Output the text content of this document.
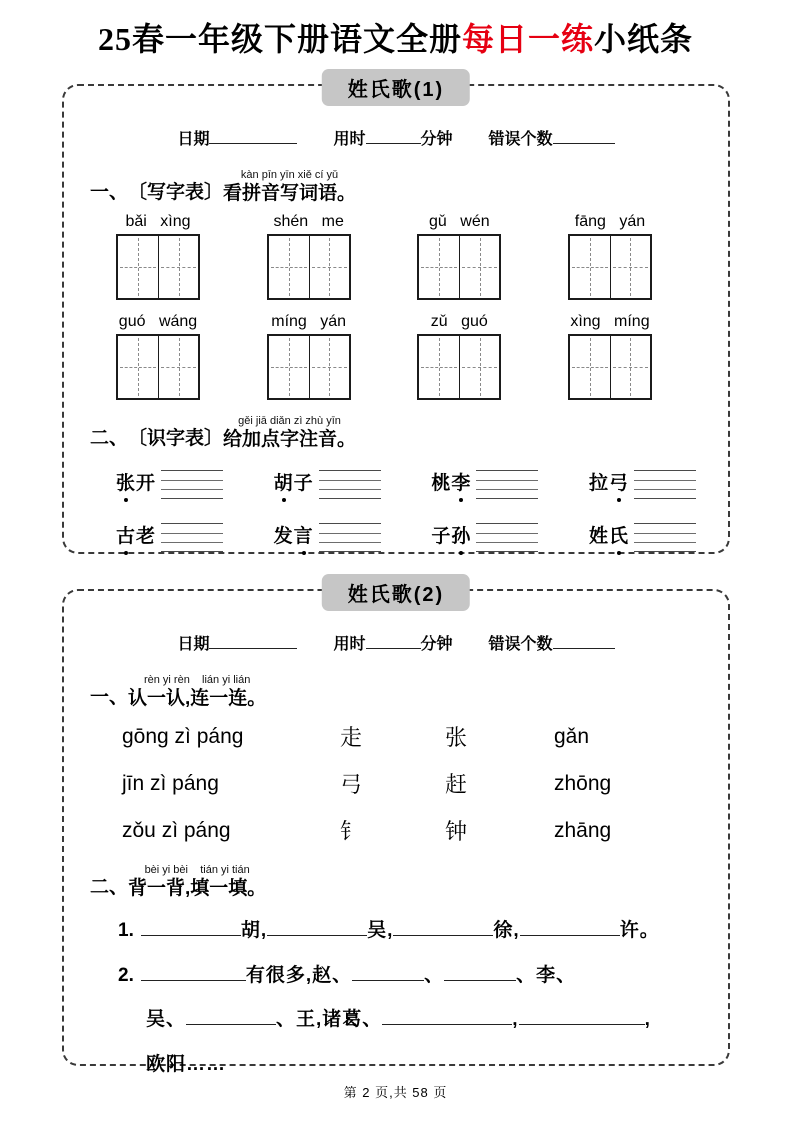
25春一年级下册语文全册每日一练小纸条
姓氏歌(1)
日期	用时	分钟 错误个数
一、 〔写字表〕
kàn pīn yīn xiě cí yǔ
看拼音写词语。
bǎi xìng	shén me	gǔ wén	fāng yán
guó wáng	míng yán	zǔ guó	xìng míng
二、 〔识字表〕
gěi jiā diǎn zì zhù yīn
给加点字注音。
张开	胡子	桃李	拉弓
古老	发言	子孙	姓氏
姓氏歌(2)
日期	用时	分钟 错误个数
一、
rèn yi rèn    lián yi lián
认一认,连一连。
gōng zì páng	走	张	gǎn
jīn zì páng	弓	赶	zhōng
zǒu zì páng	钅	钟	zhāng
二、
bèi yi bèi    tián yi tián
背一背,填一填。
1.	胡,	吴,	徐,	许。
2.	有很多,赵、	、	、李、
吴、	、王,诸葛、	,	,
欧阳……
第 2 页,共 58 页
